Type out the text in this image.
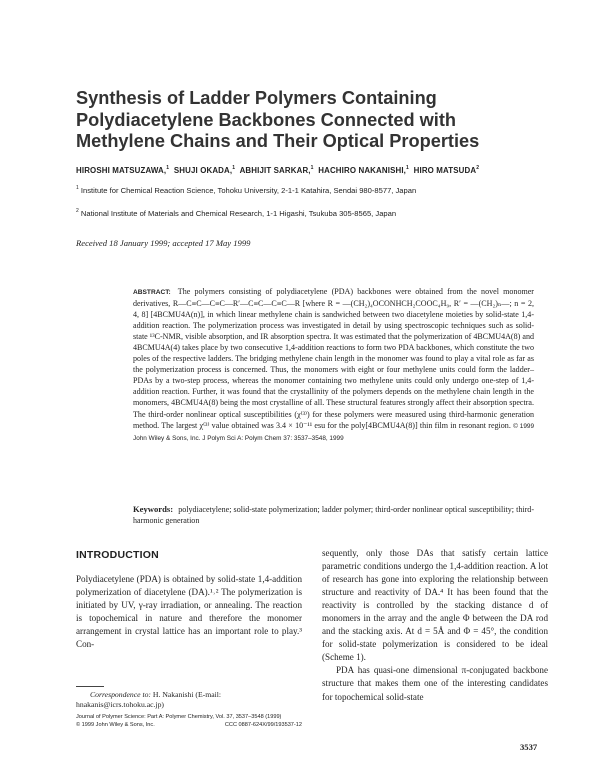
Synthesis of Ladder Polymers Containing Polydiacetylene Backbones Connected with Methylene Chains and Their Optical Properties
HIROSHI MATSUZAWA,$^1$ SHUJI OKADA,$^1$ ABHIJIT SARKAR,$^1$ HACHIRO NAKANISHI,$^1$ HIRO MATSUDA$^2$
$^1$ Institute for Chemical Reaction Science, Tohoku University, 2-1-1 Katahira, Sendai 980-8577, Japan
$^2$ National Institute of Materials and Chemical Research, 1-1 Higashi, Tsukuba 305-8565, Japan
Received 18 January 1999; accepted 17 May 1999
ABSTRACT: The polymers consisting of polydiacetylene (PDA) backbones were obtained from the novel monomer derivatives, R—C≡C—C≡C—R′—C≡C—C≡C—R [where R = —(CH₂)₄OCONHCH₂COOC₄H₉, R′ = —(CH₂)ₙ—; n = 2, 4, 8] [4BCMU4A(n)], in which linear methylene chain is sandwiched between two diacetylene moieties by solid-state 1,4-addition reaction. The polymerization process was investigated in detail by using spectroscopic techniques such as solid-state ¹³C-NMR, visible absorption, and IR absorption spectra. It was estimated that the polymerization of 4BCMU4A(8) and 4BCMU4A(4) takes place by two consecutive 1,4-addition reactions to form two PDA backbones, which constitute the two poles of the respective ladders. The bridging methylene chain length in the monomer was found to play a vital role as far as the polymerization process is concerned. Thus, the monomers with eight or four methylene units could form the ladder–PDAs by a two-step process, whereas the monomer containing two methylene units could only undergo one-step of 1,4-addition reaction. Further, it was found that the crystallinity of the polymers depends on the methylene chain length in the monomers, 4BCMU4A(8) being the most crystalline of all. These structural features strongly affect their absorption spectra. The third-order nonlinear optical susceptibilities (χ⁽³⁾) for these polymers were measured using third-harmonic generation method. The largest χ⁽³⁾ value obtained was 3.4 × 10⁻¹¹ esu for the poly[4BCMU4A(8)] thin film in resonant region. © 1999 John Wiley & Sons, Inc. J Polym Sci A: Polym Chem 37: 3537–3548, 1999
Keywords: polydiacetylene; solid-state polymerization; ladder polymer; third-order nonlinear optical susceptibility; third-harmonic generation
INTRODUCTION
Polydiacetylene (PDA) is obtained by solid-state 1,4-addition polymerization of diacetylene (DA).¹˒² The polymerization is initiated by UV, γ-ray irradiation, or annealing. The reaction is topochemical in nature and therefore the monomer arrangement in crystal lattice has an important role to play.³ Con-

sequently, only those DAs that satisfy certain lattice parametric conditions undergo the 1,4-addition reaction. A lot of research has gone into exploring the relationship between structure and reactivity of DA.⁴ It has been found that the reactivity is controlled by the stacking distance d of monomers in the array and the angle Φ between the DA rod and the stacking axis. At d = 5Å and Φ = 45°, the condition for solid-state polymerization is considered to be ideal (Scheme 1).

PDA has quasi-one dimensional π-conjugated backbone structure that makes them one of the interesting candidates for topochemical solid-state

Correspondence to: H. Nakanishi (E-mail: hnakanis@icrs.tohoku.ac.jp)
Journal of Polymer Science: Part A: Polymer Chemistry, Vol. 37, 3537–3548 (1999)
© 1999 John Wiley & Sons, Inc.	CCC 0887-624X/99/193537-12
3537
